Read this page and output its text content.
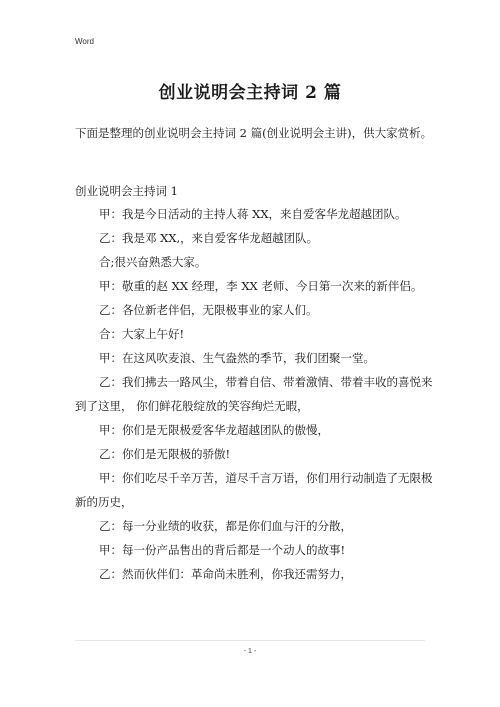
Word
创业说明会主持词 2 篇

下面是整理的创业说明会主持词 2 篇(创业说明会主讲)，供大家赏析。

创业说明会主持词 1

甲：我是今日活动的主持人蒋 XX，来自爱客华龙超越团队。

乙：我是邓 XX,，来自爱客华龙超越团队。

合;很兴奋熟悉大家。

甲：敬重的赵 XX 经理，李 XX 老师、今日第一次来的新伴侣。

乙：各位新老伴侣，无限极事业的家人们。

合：大家上午好!

甲：在这风吹麦浪、生气盎然的季节，我们团聚一堂。

乙：我们拂去一路风尘，带着自信、带着激情、带着丰收的喜悦来到了这里， 你们鲜花般绽放的笑容绚烂无暇，

甲：你们是无限极爱客华龙超越团队的傲慢，

乙：你们是无限极的骄傲!

甲：你们吃尽千辛万苦，道尽千言万语，你们用行动制造了无限极新的历史，

乙：每一分业绩的收获，都是你们血与汗的分散，

甲：每一份产品售出的背后都是一个动人的故事!

乙：然而伙伴们：革命尚未胜利，你我还需努力，

- 1 -
